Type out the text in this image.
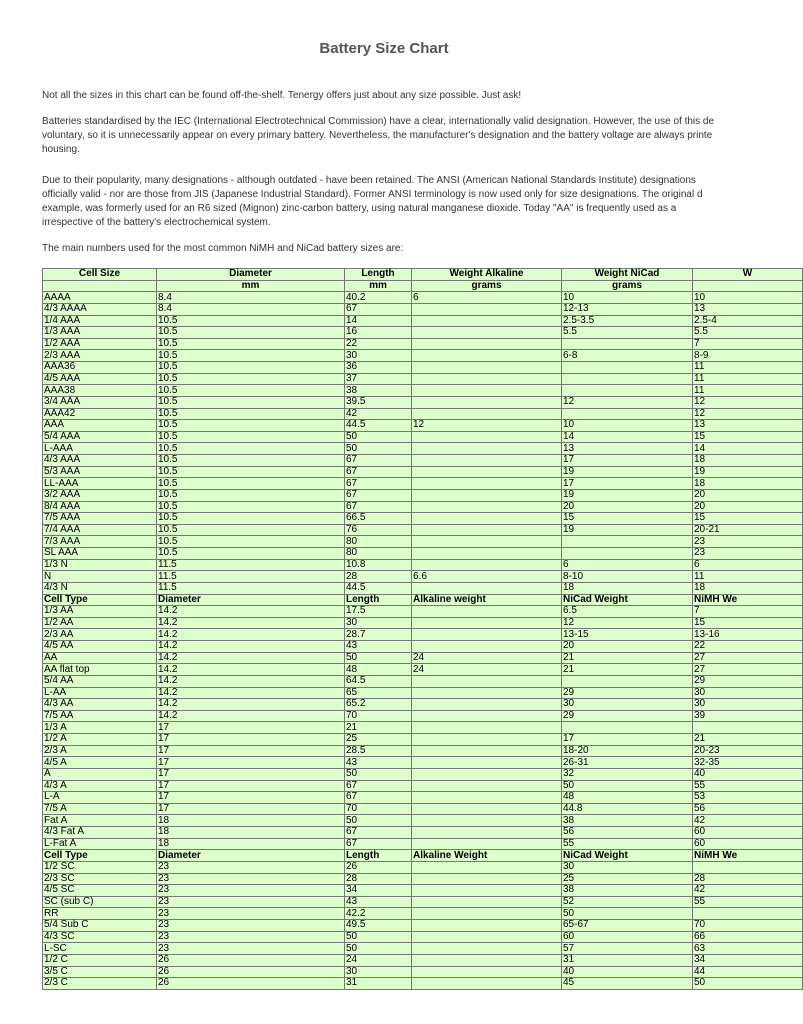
Battery Size Chart

Not all the sizes in this chart can be found off-the-shelf. Tenergy offers just about any size possible. Just ask!

Batteries standardised by the IEC (International Electrotechnical Commission) have a clear, internationally valid designation. However, the use of this de
voluntary, so it is unnecessarily appear on every primary battery. Nevertheless, the manufacturer's designation and the battery voltage are always printe
housing.

Due to their popularity, many designations - although outdated - have been retained. The ANSI (American National Standards Institute) designations
officially valid - nor are those from JIS (Japanese Industrial Standard). Former ANSI terminology is now used only for size designations. The original d
example, was formerly used for an R6 sized (Mignon) zinc-carbon battery, using natural manganese dioxide. Today "AA" is frequently used as a
irrespective of the battery's electrochemical system.

The main numbers used for the most common NiMH and NiCad battery sizes are:

Cell Size	Diameter	Length	Weight Alkaline	Weight NiCad	W
	mm	mm	grams	grams	
AAAA	8.4	40.2	6	10	10
4/3 AAAA	8.4	67		12-13	13
1/4 AAA	10.5	14		2.5-3.5	2.5-4
1/3 AAA	10.5	16		5.5	5.5
1/2 AAA	10.5	22			7
2/3 AAA	10.5	30		6-8	8-9
AAA36	10.5	36			11
4/5 AAA	10.5	37			11
AAA38	10.5	38			11
3/4 AAA	10.5	39.5		12	12
AAA42	10.5	42			12
AAA	10.5	44.5	12	10	13
5/4 AAA	10.5	50		14	15
L-AAA	10.5	50		13	14
4/3 AAA	10.5	67		17	18
5/3 AAA	10.5	67		19	19
LL-AAA	10.5	67		17	18
3/2 AAA	10.5	67		19	20
8/4 AAA	10.5	67		20	20
7/5 AAA	10.5	66.5		15	15
7/4 AAA	10.5	76		19	20-21
7/3 AAA	10.5	80			23
SL AAA	10.5	80			23
1/3 N	11.5	10.8		6	6
N	11.5	28	6.6	8-10	11
4/3 N	11.5	44.5		18	18
Cell Type	Diameter	Length	Alkaline weight	NiCad Weight	NiMH We
1/3 AA	14.2	17.5		6.5	7
1/2 AA	14.2	30		12	15
2/3 AA	14.2	28.7		13-15	13-16
4/5 AA	14.2	43		20	22
AA	14.2	50	24	21	27
AA flat top	14.2	48	24	21	27
5/4 AA	14.2	64.5			29
L-AA	14.2	65		29	30
4/3 AA	14.2	65.2		30	30
7/5 AA	14.2	70		29	39
1/3 A	17	21			
1/2 A	17	25		17	21
2/3 A	17	28.5		18-20	20-23
4/5 A	17	43		26-31	32-35
A	17	50		32	40
4/3 A	17	67		50	55
L-A	17	67		48	53
7/5 A	17	70		44.8	56
Fat A	18	50		38	42
4/3 Fat A	18	67		56	60
L-Fat A	18	67		55	60
Cell Type	Diameter	Length	Alkaline Weight	NiCad Weight	NiMH We
1/2 SC	23	26		30	
2/3 SC	23	28		25	28
4/5 SC	23	34		38	42
SC (sub C)	23	43		52	55
RR	23	42.2		50	
5/4 Sub C	23	49.5		65-67	70
4/3 SC	23	50		60	66
L-SC	23	50		57	63
1/2 C	26	24		31	34
3/5 C	26	30		40	44
2/3 C	26	31		45	50
